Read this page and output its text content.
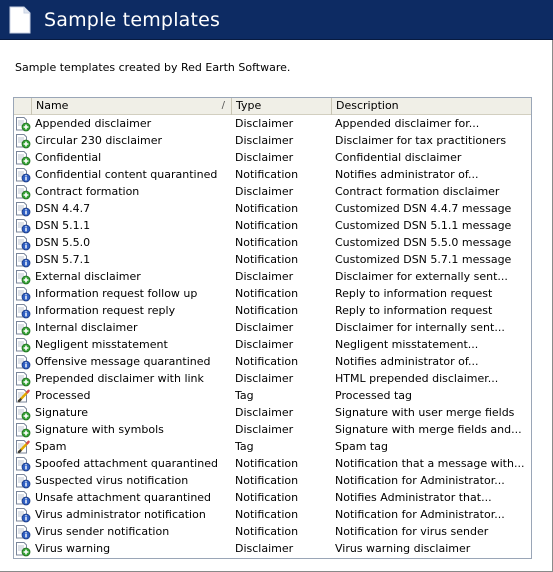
Sample templates
Sample templates created by Red Earth Software.
Name	/	Type	Description
Appended disclaimer	Disclaimer	Appended disclaimer for...
Circular 230 disclaimer	Disclaimer	Disclaimer for tax practitioners
Confidential	Disclaimer	Confidential disclaimer
Confidential content quarantined	Notification	Notifies administrator of...
Contract formation	Disclaimer	Contract formation disclaimer
DSN 4.4.7	Notification	Customized DSN 4.4.7 message
DSN 5.1.1	Notification	Customized DSN 5.1.1 message
DSN 5.5.0	Notification	Customized DSN 5.5.0 message
DSN 5.7.1	Notification	Customized DSN 5.7.1 message
External disclaimer	Disclaimer	Disclaimer for externally sent...
Information request follow up	Notification	Reply to information request
Information request reply	Notification	Reply to information request
Internal disclaimer	Disclaimer	Disclaimer for internally sent...
Negligent misstatement	Disclaimer	Negligent misstatement...
Offensive message quarantined	Notification	Notifies administrator of...
Prepended disclaimer with link	Disclaimer	HTML prepended disclaimer...
Processed	Tag	Processed tag
Signature	Disclaimer	Signature with user merge fields
Signature with symbols	Disclaimer	Signature with merge fields and...
Spam	Tag	Spam tag
Spoofed attachment quarantined	Notification	Notification that a message with...
Suspected virus notification	Notification	Notification for Administrator...
Unsafe attachment quarantined	Notification	Notifies Administrator that...
Virus administrator notification	Notification	Notification for Administrator...
Virus sender notification	Notification	Notification for virus sender
Virus warning	Disclaimer	Virus warning disclaimer
